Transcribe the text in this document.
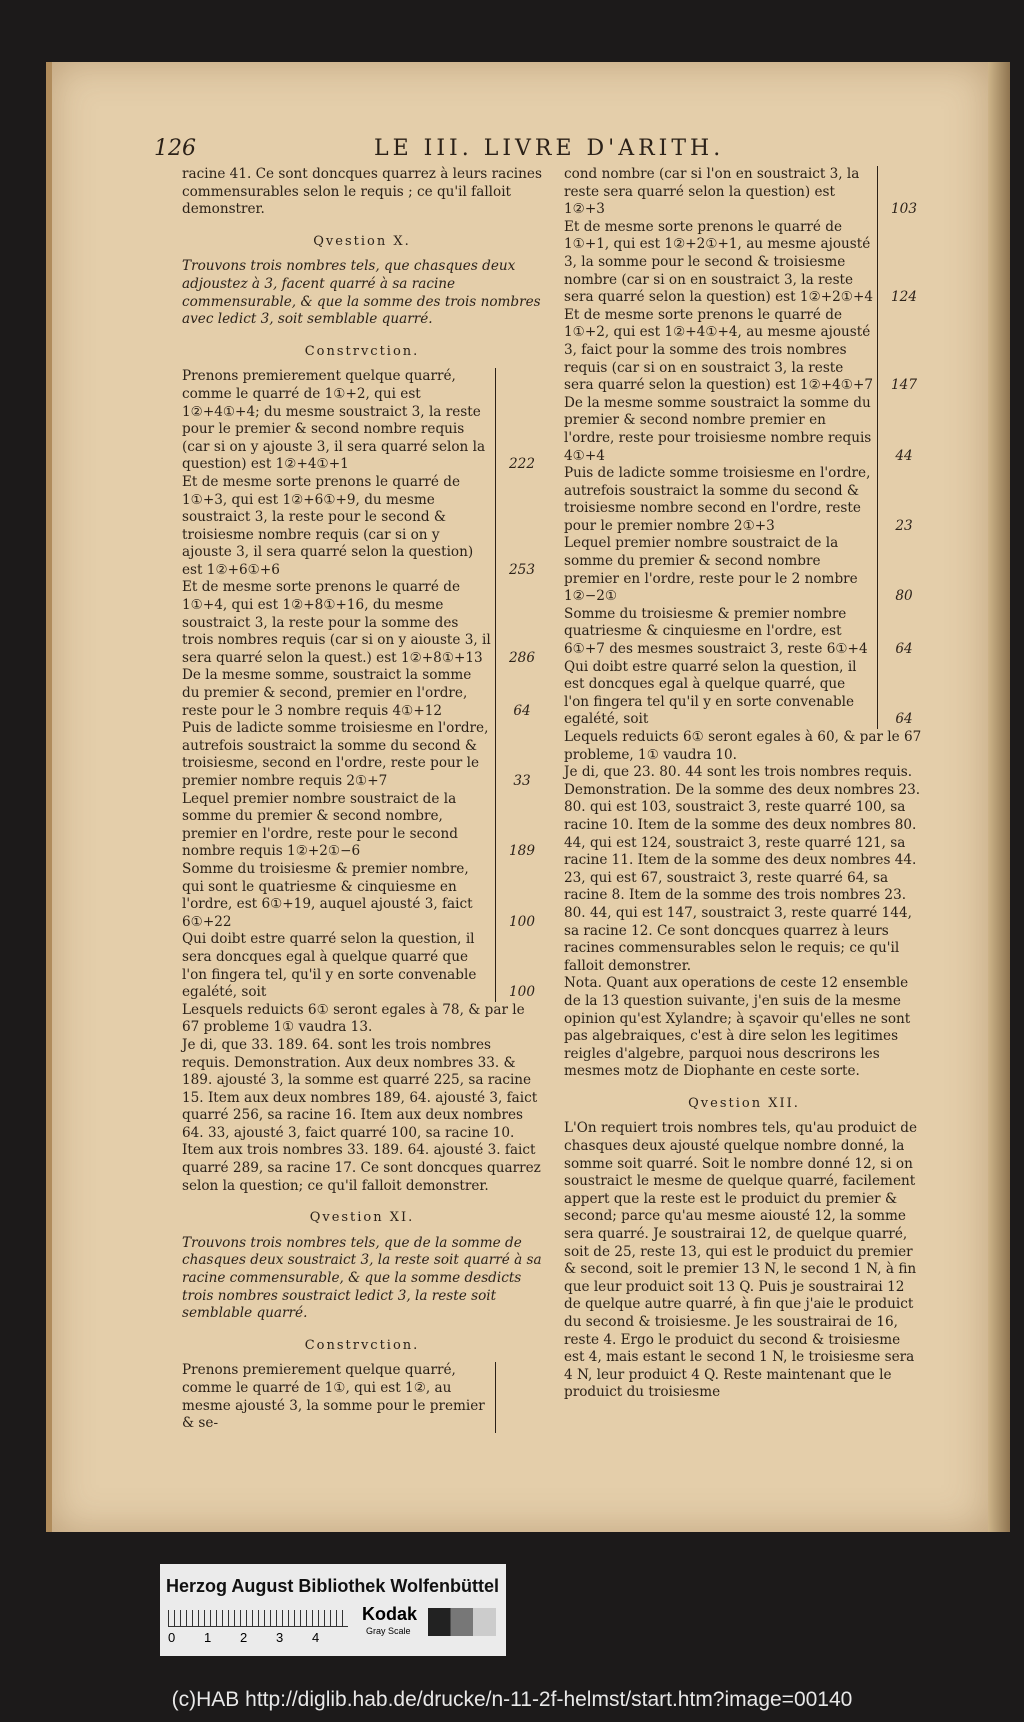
126	LE III. LIVRE D'ARITH.

racine 41. Ce sont doncques quarrez à leurs racines commensurables selon le requis ; ce qu'il falloit demonstrer.

Qvestion X.

Trouvons trois nombres tels, que chasques deux adjoustez à 3, facent quarré à sa racine commensurable, & que la somme des trois nombres avec ledict 3, soit semblable quarré.

Constrvction.

Prenons premierement quelque quarré, comme le quarré de 1①+2, qui est 1②+4①+4; du mesme soustraict 3, la reste pour le premier & second nombre requis (car si on y ajouste 3, il sera quarré selon la question) est 1②+4①+1	222

Et de mesme sorte prenons le quarré de 1①+3, qui est 1②+6①+9, du mesme soustraict 3, la reste pour le second & troisiesme nombre requis (car si on y ajouste 3, il sera quarré selon la question) est 1②+6①+6	253

Et de mesme sorte prenons le quarré de 1①+4, qui est 1②+8①+16, du mesme soustraict 3, la reste pour la somme des trois nombres requis (car si on y aiouste 3, il sera quarré selon la quest.) est 1②+8①+13	286

De la mesme somme, soustraict la somme du premier & second, premier en l'ordre, reste pour le 3 nombre requis 4①+12	64

Puis de ladicte somme troisiesme en l'ordre, autrefois soustraict la somme du second & troisiesme, second en l'ordre, reste pour le premier nombre requis 2①+7	33

Lequel premier nombre soustraict de la somme du premier & second nombre, premier en l'ordre, reste pour le second nombre requis 1②+2①−6	189

Somme du troisiesme & premier nombre, qui sont le quatriesme & cinquiesme en l'ordre, est 6①+19, auquel ajousté 3, faict 6①+22	100

Qui doibt estre quarré selon la question, il sera doncques egal à quelque quarré que l'on fingera tel, qu'il y en sorte convenable egalété, soit	100

Lesquels reduicts 6① seront egales à 78, & par le 67 probleme 1① vaudra 13.

Je di, que 33. 189. 64. sont les trois nombres requis. Demonstration. Aux deux nombres 33. & 189. ajousté 3, la somme est quarré 225, sa racine 15. Item aux deux nombres 189, 64. ajousté 3, faict quarré 256, sa racine 16. Item aux deux nombres 64. 33, ajousté 3, faict quarré 100, sa racine 10. Item aux trois nombres 33. 189. 64. ajousté 3. faict quarré 289, sa racine 17. Ce sont doncques quarrez selon la question; ce qu'il falloit demonstrer.

Qvestion XI.

Trouvons trois nombres tels, que de la somme de chasques deux soustraict 3, la reste soit quarré à sa racine commensurable, & que la somme desdicts trois nombres soustraict ledict 3, la reste soit semblable quarré.

Constrvction.

Prenons premierement quelque quarré, comme le quarré de 1①, qui est 1②, au mesme ajousté 3, la somme pour le premier & se-

cond nombre (car si l'on en soustraict 3, la reste sera quarré selon la question) est 1②+3	103

Et de mesme sorte prenons le quarré de 1①+1, qui est 1②+2①+1, au mesme ajousté 3, la somme pour le second & troisiesme nombre (car si on en soustraict 3, la reste sera quarré selon la question) est 1②+2①+4	124

Et de mesme sorte prenons le quarré de 1①+2, qui est 1②+4①+4, au mesme ajousté 3, faict pour la somme des trois nombres requis (car si on en soustraict 3, la reste sera quarré selon la question) est 1②+4①+7	147

De la mesme somme soustraict la somme du premier & second nombre premier en l'ordre, reste pour troisiesme nombre requis 4①+4	44

Puis de ladicte somme troisiesme en l'ordre, autrefois soustraict la somme du second & troisiesme nombre second en l'ordre, reste pour le premier nombre 2①+3	23

Lequel premier nombre soustraict de la somme du premier & second nombre premier en l'ordre, reste pour le 2 nombre 1②−2①	80

Somme du troisiesme & premier nombre quatriesme & cinquiesme en l'ordre, est 6①+7 des mesmes soustraict 3, reste 6①+4	64

Qui doibt estre quarré selon la question, il est doncques egal à quelque quarré, que l'on fingera tel qu'il y en sorte convenable egalété, soit	64

Lequels reduicts 6① seront egales à 60, & par le 67 probleme, 1① vaudra 10.

Je di, que 23. 80. 44 sont les trois nombres requis. Demonstration. De la somme des deux nombres 23. 80. qui est 103, soustraict 3, reste quarré 100, sa racine 10. Item de la somme des deux nombres 80. 44, qui est 124, soustraict 3, reste quarré 121, sa racine 11. Item de la somme des deux nombres 44. 23, qui est 67, soustraict 3, reste quarré 64, sa racine 8. Item de la somme des trois nombres 23. 80. 44, qui est 147, soustraict 3, reste quarré 144, sa racine 12. Ce sont doncques quarrez à leurs racines commensurables selon le requis; ce qu'il falloit demonstrer.

Nota. Quant aux operations de ceste 12 ensemble de la 13 question suivante, j'en suis de la mesme opinion qu'est Xylandre; à sçavoir qu'elles ne sont pas algebraiques, c'est à dire selon les legitimes reigles d'algebre, parquoi nous descrirons les mesmes motz de Diophante en ceste sorte.

Qvestion XII.

L'On requiert trois nombres tels, qu'au produict de chasques deux ajousté quelque nombre donné, la somme soit quarré. Soit le nombre donné 12, si on soustraict le mesme de quelque quarré, facilement appert que la reste est le produict du premier & second; parce qu'au mesme aiousté 12, la somme sera quarré. Je soustrairai 12, de quelque quarré, soit de 25, reste 13, qui est le produict du premier & second, soit le premier 13 N, le second 1 N, à fin que leur produict soit 13 Q. Puis je soustrairai 12 de quelque autre quarré, à fin que j'aie le produict du second & troisiesme. Je les soustrairai de 16, reste 4. Ergo le produict du second & troisiesme est 4, mais estant le second 1 N, le troisiesme sera 4 N, leur produict 4 Q. Reste maintenant que le produict du troisiesme

Herzog August Bibliothek Wolfenbüttel
0 1 2 3 4
Kodak
Gray Scale
(c)HAB http://diglib.hab.de/drucke/n-11-2f-helmst/start.htm?image=00140
